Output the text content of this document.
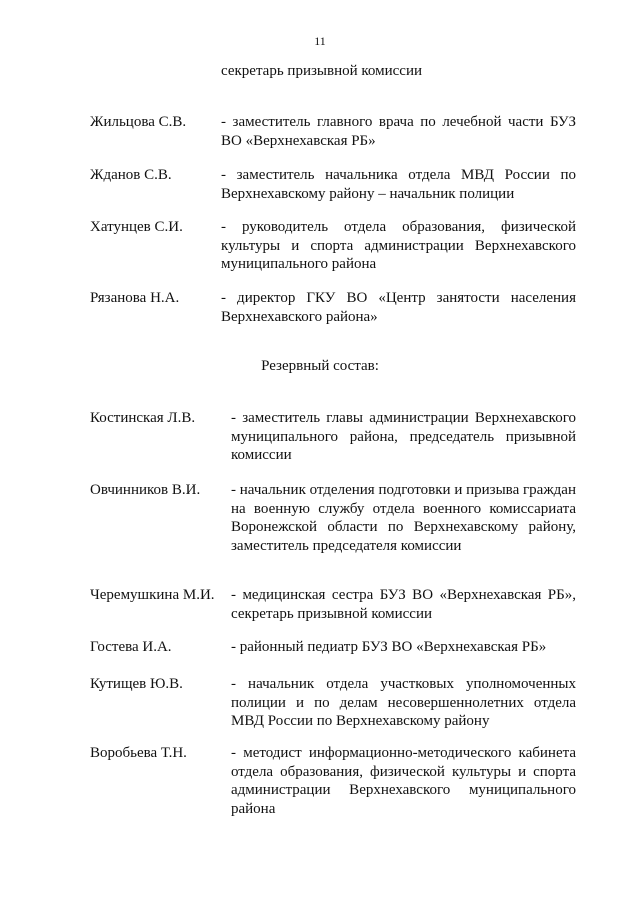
11
секретарь призывной комиссии
Жильцова С.В. - заместитель главного врача по лечебной части БУЗ ВО «Верхнехавская РБ»
Жданов С.В.	- заместитель начальника отдела МВД России по Верхнехавскому району – начальник полиции
Хатунцев С.И.	- руководитель отдела образования, физической культуры и спорта администрации Верхнехавского муниципального района
Рязанова Н.А.	- директор ГКУ ВО «Центр занятости населения Верхнехавского района»
Резервный состав:
Костинская Л.В. - заместитель главы администрации Верхнехавского муниципального района, председатель призывной комиссии
Овчинников В.И. - начальник отделения подготовки и призыва граждан на военную службу отдела военного комиссариата Воронежской области по Верхнехавскому району, заместитель председателя комиссии
Черемушкина М.И. - медицинская сестра БУЗ ВО «Верхнехавская РБ», секретарь призывной комиссии
Гостева И.А.	- районный педиатр БУЗ ВО «Верхнехавская РБ»
Кутищев Ю.В.	- начальник отдела участковых уполномоченных полиции и по делам несовершеннолетних отдела МВД России по Верхнехавскому району
Воробьева Т.Н.	- методист информационно-методического кабинета отдела образования, физической культуры и спорта администрации Верхнехавского муниципального района
